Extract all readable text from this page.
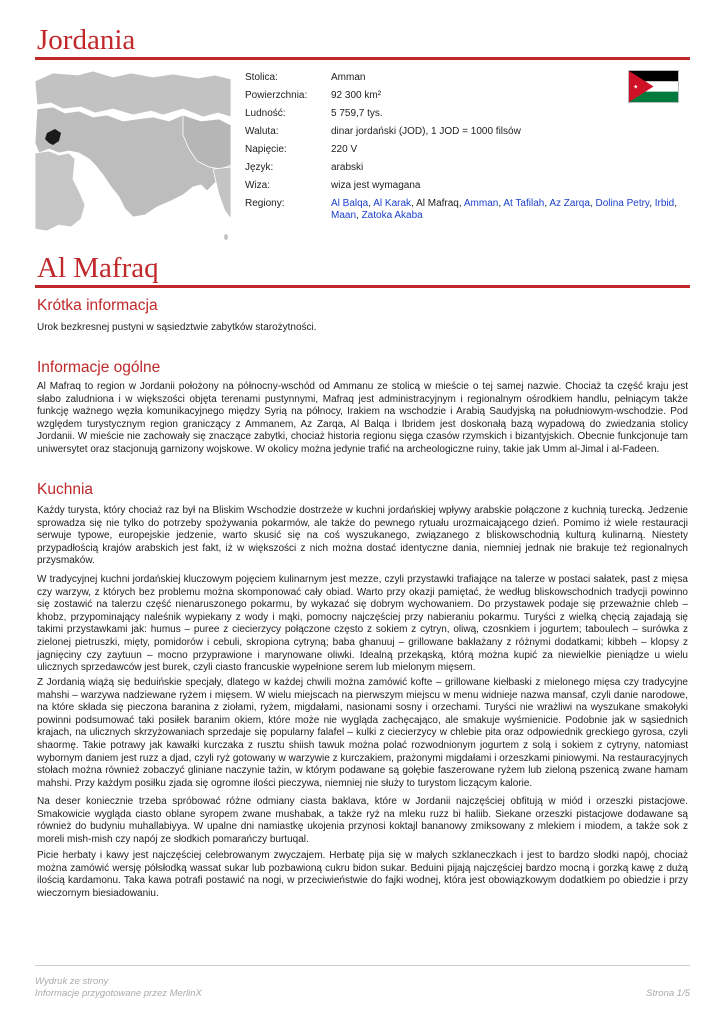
Jordania
Stolica:	Amman
Powierzchnia:	92 300 km²
Ludność:	5 759,7 tys.
Waluta:	dinar jordański (JOD), 1 JOD = 1000 filsów
Napięcie:	220 V
Język:	arabski
Wiza:	wiza jest wymagana
Regiony:	Al Balqa, Al Karak, Al Mafraq, Amman, At Tafilah, Az Zarqa, Dolina Petry, Irbid, Maan, Zatoka Akaba
Al Mafraq
Krótka informacja

Urok bezkresnej pustyni w sąsiedztwie zabytków starożytności.

Informacje ogólne

Al Mafraq to region w Jordanii położony na północny-wschód od Ammanu ze stolicą w mieście o tej samej nazwie. Chociaż ta część kraju jest słabo zaludniona i w większości objęta terenami pustynnymi, Mafraq jest administracyjnym i regionalnym ośrodkiem handlu, pełniącym także funkcję ważnego węzła komunikacyjnego między Syrią na północy, Irakiem na wschodzie i Arabią Saudyjską na południowym-wschodzie. Pod względem turystycznym region graniczący z Ammanem, Az Zarqa, Al Balqa i Ibridem jest doskonałą bazą wypadową do zwiedzania stolicy Jordanii. W mieście nie zachowały się znaczące zabytki, chociaż historia regionu sięga czasów rzymskich i bizantyjskich. Obecnie funkcjonuje tam uniwersytet oraz stacjonują garnizony wojskowe. W okolicy można jedynie trafić na archeologiczne ruiny, takie jak Umm al-Jimal i al-Fadeen.

Kuchnia

Każdy turysta, który chociaż raz był na Bliskim Wschodzie dostrzeże w kuchni jordańskiej wpływy arabskie połączone z kuchnią turecką. Jedzenie sprowadza się nie tylko do potrzeby spożywania pokarmów, ale także do pewnego rytuału urozmaicającego dzień. Pomimo iż wiele restauracji serwuje typowe, europejskie jedzenie, warto skusić się na coś wyszukanego, związanego z bliskowschodnią kulturą kulinarną. Niestety przypadłością krajów arabskich jest fakt, iż w większości z nich można dostać identyczne dania, niemniej jednak nie brakuje też regionalnych przysmaków.

W tradycyjnej kuchni jordańskiej kluczowym pojęciem kulinarnym jest mezze, czyli przystawki trafiające na talerze w postaci sałatek, past z mięsa czy warzyw, z których bez problemu można skomponować cały obiad. Warto przy okazji pamiętać, że według bliskowschodnich tradycji powinno się zostawić na talerzu część nienaruszonego pokarmu, by wykazać się dobrym wychowaniem. Do przystawek podaje się przeważnie chleb – khobz, przypominający naleśnik wypiekany z wody i mąki, pomocny najczęściej przy nabieraniu pokarmu. Turyści z wielką chęcią zajadają się takimi przystawkami jak: humus – puree z ciecierzycy połączone często z sokiem z cytryn, oliwą, czosnkiem i jogurtem; taboulech – surówka z zielonej pietruszki, mięty, pomidorów i cebuli, skropiona cytryną; baba ghanuuj – grillowane bakłażany z różnymi dodatkami; kibbeh – klopsy z jagnięciny czy zaytuun – mocno przyprawione i marynowane oliwki. Idealną przekąską, którą można kupić za niewielkie pieniądze u wielu ulicznych sprzedawców jest burek, czyli ciasto francuskie wypełnione serem lub mielonym mięsem.

Z Jordanią wiążą się beduińskie specjały, dlatego w każdej chwili można zamówić kofte – grillowane kiełbaski z mielonego mięsa czy tradycyjne mahshi – warzywa nadziewane ryżem i mięsem. W wielu miejscach na pierwszym miejscu w menu widnieje nazwa mansaf, czyli danie narodowe, na które składa się pieczona baranina z ziołami, ryżem, migdałami, nasionami sosny i orzechami. Turyści nie wrażliwi na wyszukane smakołyki powinni podsumować taki posiłek baranim okiem, które może nie wygląda zachęcająco, ale smakuje wyśmienicie. Podobnie jak w sąsiednich krajach, na ulicznych skrzyżowaniach sprzedaje się popularny falafel – kulki z ciecierzycy w chlebie pita oraz odpowiednik greckiego gyrosa, czyli shaormę. Takie potrawy jak kawałki kurczaka z rusztu shiish tawuk można polać rozwodnionym jogurtem z solą i sokiem z cytryny, natomiast wybornym daniem jest ruzz a djad, czyli ryż gotowany w warzywie z kurczakiem, prażonymi migdałami i orzeszkami piniowymi. Na restauracyjnych stołach można również zobaczyć gliniane naczynie tażin, w którym podawane są gołębie faszerowane ryżem lub zieloną pszenicą zwane hamam mahshi. Przy każdym posiłku zjada się ogromne ilości pieczywa, niemniej nie służy to turystom liczącym kalorie.

Na deser koniecznie trzeba spróbować różne odmiany ciasta baklava, które w Jordanii najczęściej obfitują w miód i orzeszki pistacjowe. Smakowicie wygląda ciasto oblane syropem zwane mushabak, a także ryż na mleku ruzz bi haliib. Siekane orzeszki pistacjowe dodawane są również do budyniu muhallabiyya. W upalne dni namiastkę ukojenia przynosi koktajl bananowy zmiksowany z mlekiem i miodem, a także sok z moreli mish-mish czy napój ze słodkich pomarańczy burtuqal.

Picie herbaty i kawy jest najczęściej celebrowanym zwyczajem. Herbatę pija się w małych szklaneczkach i jest to bardzo słodki napój, chociaż można zamówić wersję półsłodką wassat sukar lub pozbawioną cukru bidon sukar. Beduini pijają najczęściej bardzo mocną i gorzką kawę z dużą ilością kardamonu. Taka kawa potrafi postawić na nogi, w przeciwieństwie do fajki wodnej, która jest obowiązkowym dodatkiem po obiedzie i przy wieczornym biesiadowaniu.

Wydruk ze strony
Informacje przygotowane przez MerlinX	Strona 1/5
